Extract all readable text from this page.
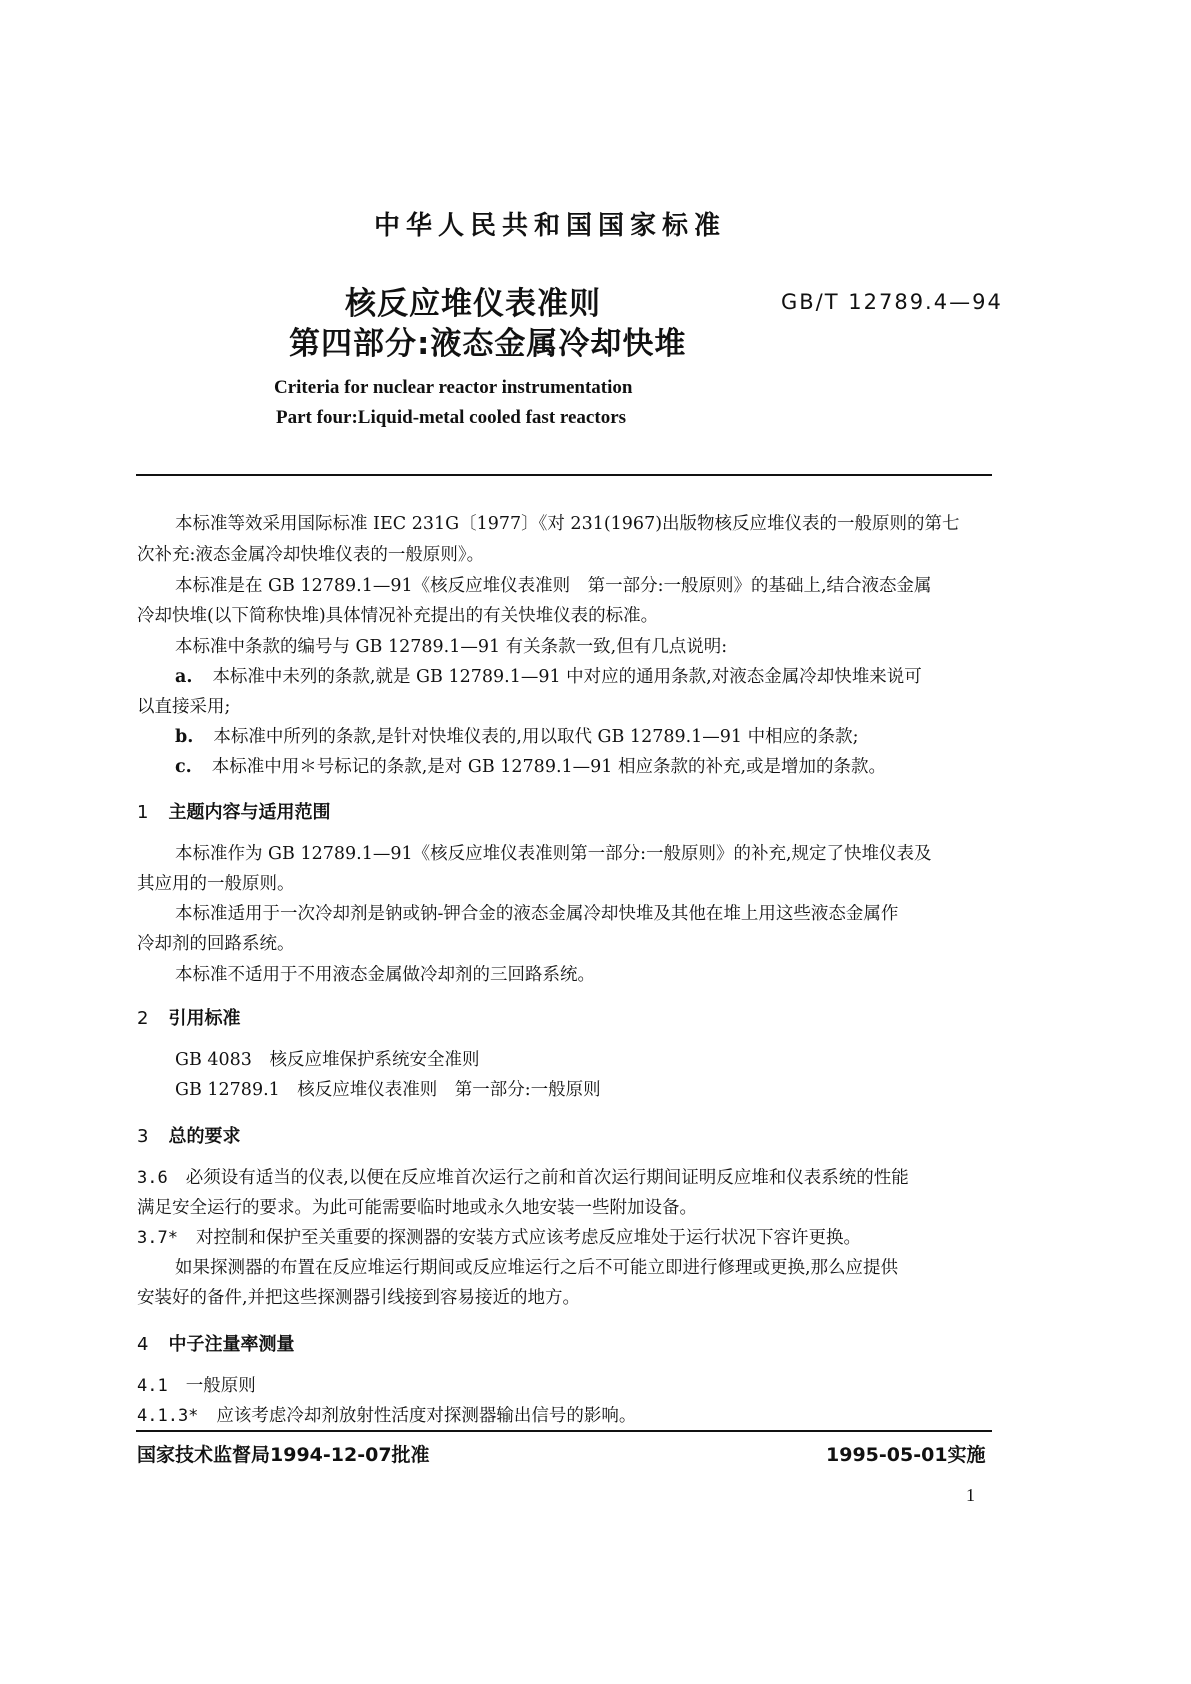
中华人民共和国国家标准
核反应堆仪表准则
第四部分:液态金属冷却快堆
GB/T 12789.4—94
Criteria for nuclear reactor instrumentation
Part four:Liquid-metal cooled fast reactors
本标准等效采用国际标准 IEC 231G〔1977〕《对 231(1967)出版物核反应堆仪表的一般原则的第七
次补充:液态金属冷却快堆仪表的一般原则》。
本标准是在 GB 12789.1—91《核反应堆仪表准则　第一部分:一般原则》的基础上,结合液态金属
冷却快堆(以下简称快堆)具体情况补充提出的有关快堆仪表的标准。
本标准中条款的编号与 GB 12789.1—91 有关条款一致,但有几点说明:
a. 本标准中未列的条款,就是 GB 12789.1—91 中对应的通用条款,对液态金属冷却快堆来说可
以直接采用;
b. 本标准中所列的条款,是针对快堆仪表的,用以取代 GB 12789.1—91 中相应的条款;
c. 本标准中用＊号标记的条款,是对 GB 12789.1—91 相应条款的补充,或是增加的条款。
1 主题内容与适用范围
本标准作为 GB 12789.1—91《核反应堆仪表准则第一部分:一般原则》的补充,规定了快堆仪表及
其应用的一般原则。
本标准适用于一次冷却剂是钠或钠-钾合金的液态金属冷却快堆及其他在堆上用这些液态金属作
冷却剂的回路系统。
本标准不适用于不用液态金属做冷却剂的三回路系统。
2 引用标准
GB 4083　核反应堆保护系统安全准则
GB 12789.1　核反应堆仪表准则　第一部分:一般原则
3 总的要求
3.6 必须设有适当的仪表,以便在反应堆首次运行之前和首次运行期间证明反应堆和仪表系统的性能
满足安全运行的要求。为此可能需要临时地或永久地安装一些附加设备。
3.7* 对控制和保护至关重要的探测器的安装方式应该考虑反应堆处于运行状况下容许更换。
如果探测器的布置在反应堆运行期间或反应堆运行之后不可能立即进行修理或更换,那么应提供
安装好的备件,并把这些探测器引线接到容易接近的地方。
4 中子注量率测量
4.1 一般原则
4.1.3* 应该考虑冷却剂放射性活度对探测器输出信号的影响。
国家技术监督局1994-12-07批准	1995-05-01实施
1
